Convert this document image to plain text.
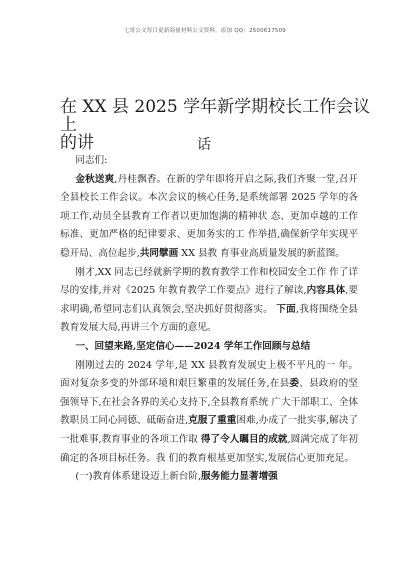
七哥公文每日更新海量材料公文资料，添加 QQ：2500617509
在 XX 县 2025 学年新学期校长工作会议上
的讲	话

同志们:

金秋送爽,丹桂飘香。在新的学年即将开启之际,我们齐聚一堂,召开全县校长工作会议。本次会议的核心任务,是系统部署 2025 学年的各项工作,动员全县教育工作者以更加饱满的精神状 态、更加卓越的工作标准、更加严格的纪律要求、更加务实的工 作举措,确保新学年实现平稳开局、高位起步,共同擘画 XX 县教 育事业高质量发展的新蓝图。

刚才,XX 同志已经就新学期的教育教学工作和校园安全工作 作了详尽的安排,并对《2025 年教育教学工作要点》进行了解读,内容具体,要求明确,希望同志们认真领会,坚决抓好贯彻落实。 下面,我将围绕全县教育发展大局,再讲三个方面的意见。

一、回望来路,坚定信心——2024 学年工作回顾与总结

刚刚过去的 2024 学年,是 XX 县教育发展史上极不平凡的一 年。面对复杂多变的外部环境和艰巨繁重的发展任务,在县委、县政府的坚强领导下,在社会各界的关心支持下,全县教育系统 广大干部职工、全体教职员工同心同德、砥砺奋进,克服了重重困难,办成了一批实事,解决了一批难事,教育事业的各项工作取 得了令人瞩目的成就,圆满完成了年初确定的各项目标任务。我 们的教育根基更加坚实,发展信心更加充足。

(一)教育体系建设迈上新台阶,服务能力显著增强
